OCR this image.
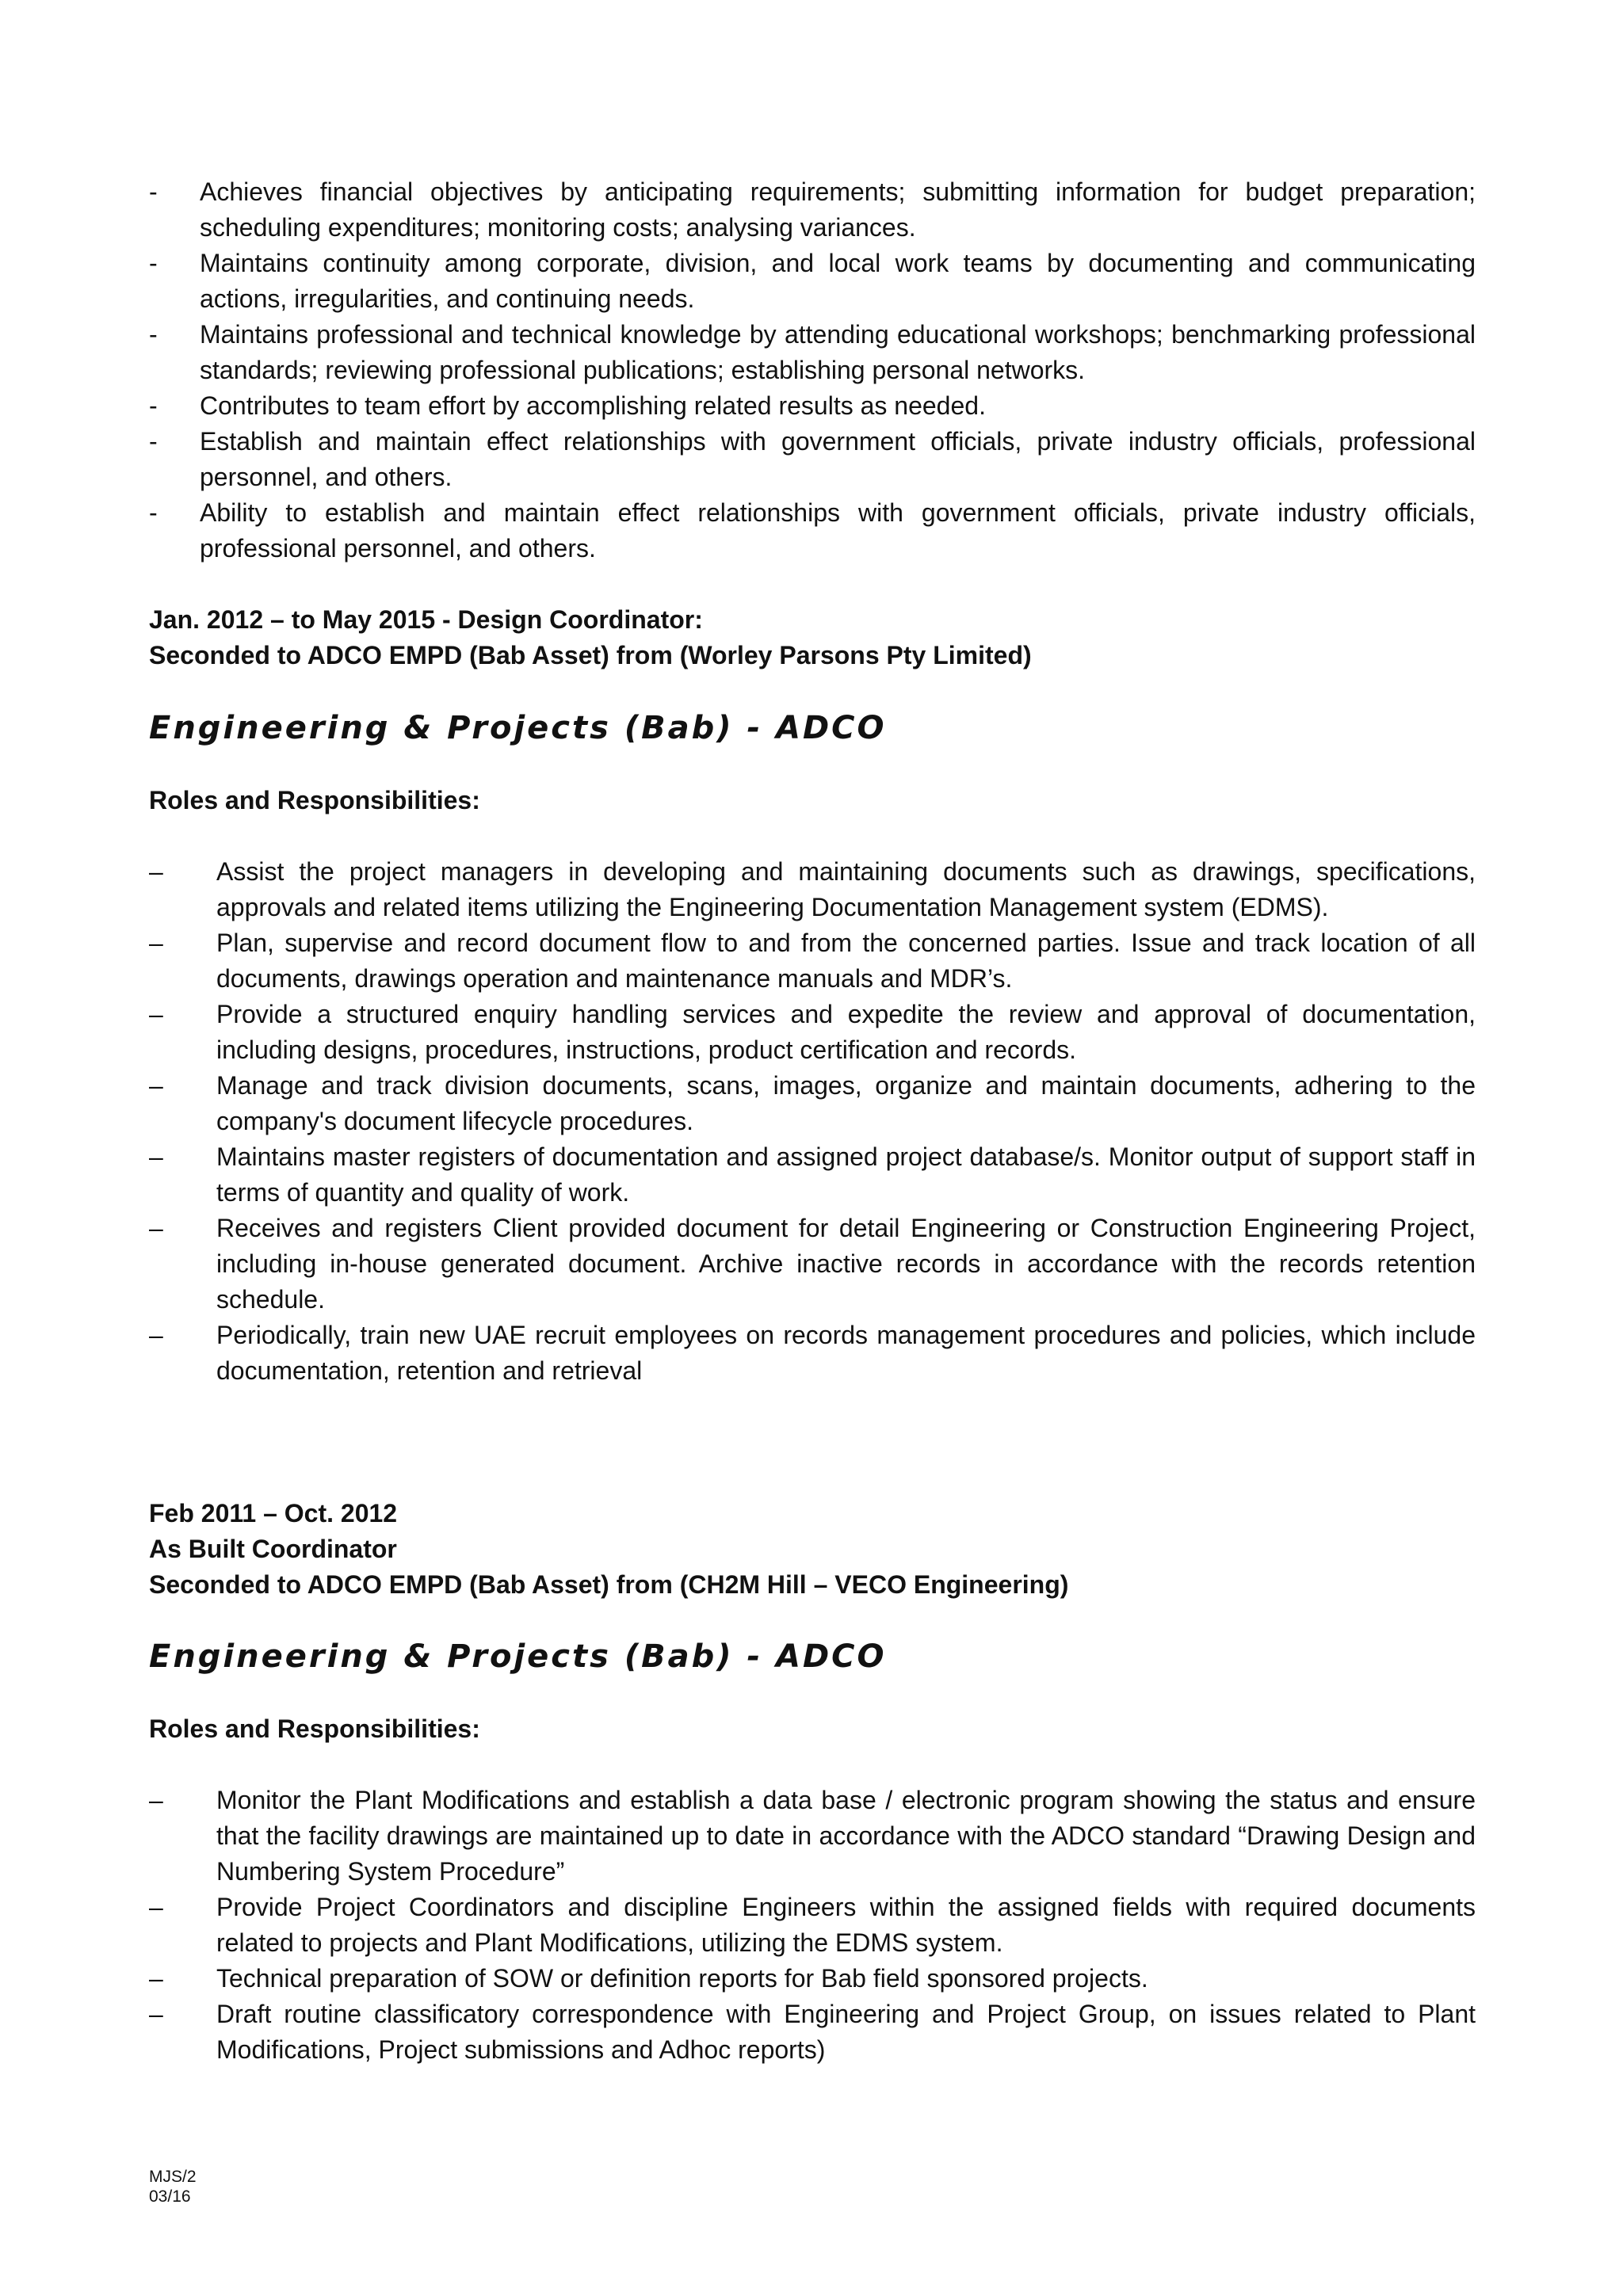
- Achieves financial objectives by anticipating requirements; submitting information for budget preparation; scheduling expenditures; monitoring costs; analysing variances.
- Maintains continuity among corporate, division, and local work teams by documenting and communicating actions, irregularities, and continuing needs.
- Maintains professional and technical knowledge by attending educational workshops; benchmarking professional standards; reviewing professional publications; establishing personal networks.
- Contributes to team effort by accomplishing related results as needed.
- Establish and maintain effect relationships with government officials, private industry officials, professional personnel, and others.
- Ability to establish and maintain effect relationships with government officials, private industry officials, professional personnel, and others.
Jan. 2012 – to May 2015 - Design Coordinator:
Seconded to ADCO EMPD (Bab Asset) from (Worley Parsons Pty Limited)
Engineering & Projects (Bab) - ADCO
Roles and Responsibilities:
– Assist the project managers in developing and maintaining documents such as drawings, specifications, approvals and related items utilizing the Engineering Documentation Management system (EDMS).
– Plan, supervise and record document flow to and from the concerned parties. Issue and track location of all documents, drawings operation and maintenance manuals and MDR’s.
– Provide a structured enquiry handling services and expedite the review and approval of documentation, including designs, procedures, instructions, product certification and records.
– Manage and track division documents, scans, images, organize and maintain documents, adhering to the company's document lifecycle procedures.
– Maintains master registers of documentation and assigned project database/s. Monitor output of support staff in terms of quantity and quality of work.
– Receives and registers Client provided document for detail Engineering or Construction Engineering Project, including in-house generated document. Archive inactive records in accordance with the records retention schedule.
– Periodically, train new UAE recruit employees on records management procedures and policies, which include documentation, retention and retrieval
Feb 2011 – Oct. 2012
As Built Coordinator
Seconded to ADCO EMPD (Bab Asset) from (CH2M Hill – VECO Engineering)
Engineering & Projects (Bab) - ADCO
Roles and Responsibilities:
– Monitor the Plant Modifications and establish a data base / electronic program showing the status and ensure that the facility drawings are maintained up to date in accordance with the ADCO standard “Drawing Design and Numbering System Procedure”
– Provide Project Coordinators and discipline Engineers within the assigned fields with required documents related to projects and Plant Modifications, utilizing the EDMS system.
– Technical preparation of SOW or definition reports for Bab field sponsored projects.
– Draft routine classificatory correspondence with Engineering and Project Group, on issues related to Plant Modifications, Project submissions and Adhoc reports)
MJS/2
03/16
